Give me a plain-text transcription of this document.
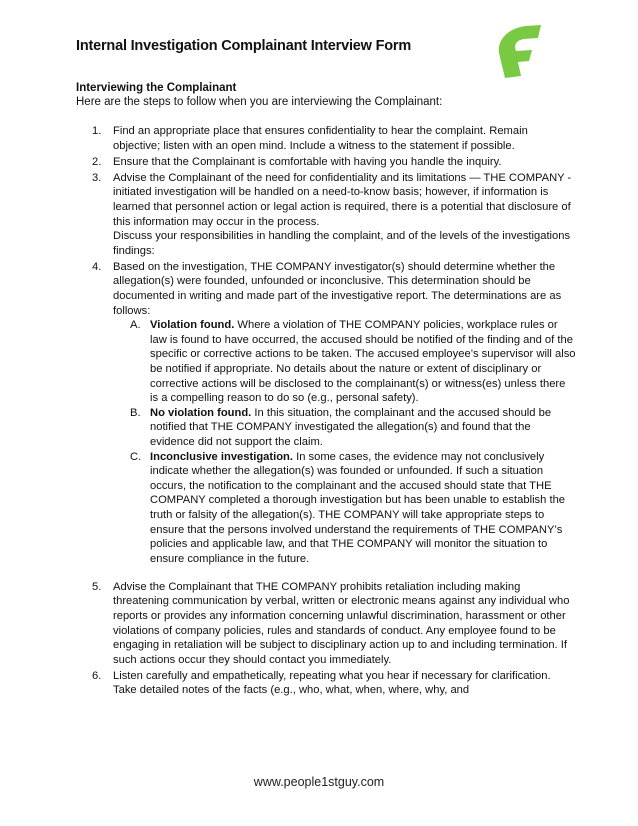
Internal Investigation Complainant Interview Form
Interviewing the Complainant
Here are the steps to follow when you are interviewing the Complainant:
1. Find an appropriate place that ensures confidentiality to hear the complaint. Remain objective; listen with an open mind. Include a witness to the statement if possible.
2. Ensure that the Complainant is comfortable with having you handle the inquiry.
3. Advise the Complainant of the need for confidentiality and its limitations — THE COMPANY -initiated investigation will be handled on a need-to-know basis; however, if information is learned that personnel action or legal action is required, there is a potential that disclosure of this information may occur in the process.
Discuss your responsibilities in handling the complaint, and of the levels of the investigations findings:
4. Based on the investigation, THE COMPANY investigator(s) should determine whether the allegation(s) were founded, unfounded or inconclusive. This determination should be documented in writing and made part of the investigative report. The determinations are as follows:
A. Violation found. Where a violation of THE COMPANY policies, workplace rules or law is found to have occurred, the accused should be notified of the finding and of the specific or corrective actions to be taken. The accused employee’s supervisor will also be notified if appropriate. No details about the nature or extent of disciplinary or corrective actions will be disclosed to the complainant(s) or witness(es) unless there is a compelling reason to do so (e.g., personal safety).
B. No violation found. In this situation, the complainant and the accused should be notified that THE COMPANY investigated the allegation(s) and found that the evidence did not support the claim.
C. Inconclusive investigation. In some cases, the evidence may not conclusively indicate whether the allegation(s) was founded or unfounded. If such a situation occurs, the notification to the complainant and the accused should state that THE COMPANY completed a thorough investigation but has been unable to establish the truth or falsity of the allegation(s). THE COMPANY will take appropriate steps to ensure that the persons involved understand the requirements of THE COMPANY’s policies and applicable law, and that THE COMPANY will monitor the situation to ensure compliance in the future.
5. Advise the Complainant that THE COMPANY prohibits retaliation including making threatening communication by verbal, written or electronic means against any individual who reports or provides any information concerning unlawful discrimination, harassment or other violations of company policies, rules and standards of conduct. Any employee found to be engaging in retaliation will be subject to disciplinary action up to and including termination. If such actions occur they should contact you immediately.
6. Listen carefully and empathetically, repeating what you hear if necessary for clarification. Take detailed notes of the facts (e.g., who, what, when, where, why, and
www.people1stguy.com
